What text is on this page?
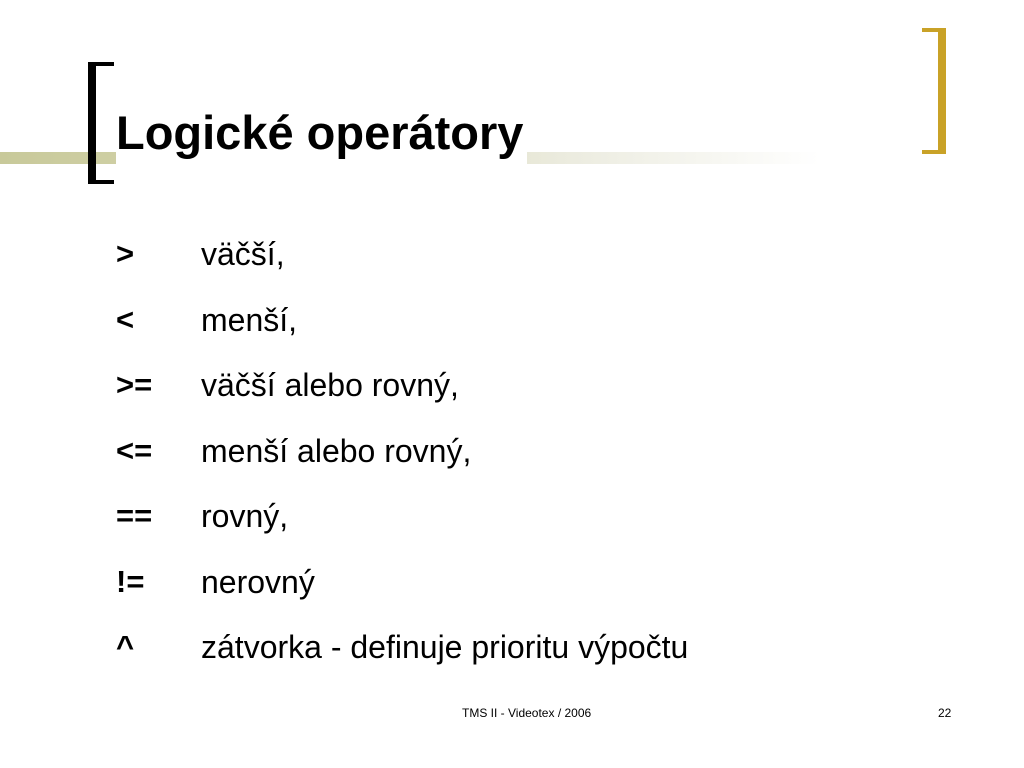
Logické operátory
>	väčší,
<	menší,
>=	väčší alebo rovný,
<=	menší alebo rovný,
==	rovný,
!=	nerovný
^	zátvorka - definuje prioritu výpočtu
TMS II - Videotex / 2006	22
